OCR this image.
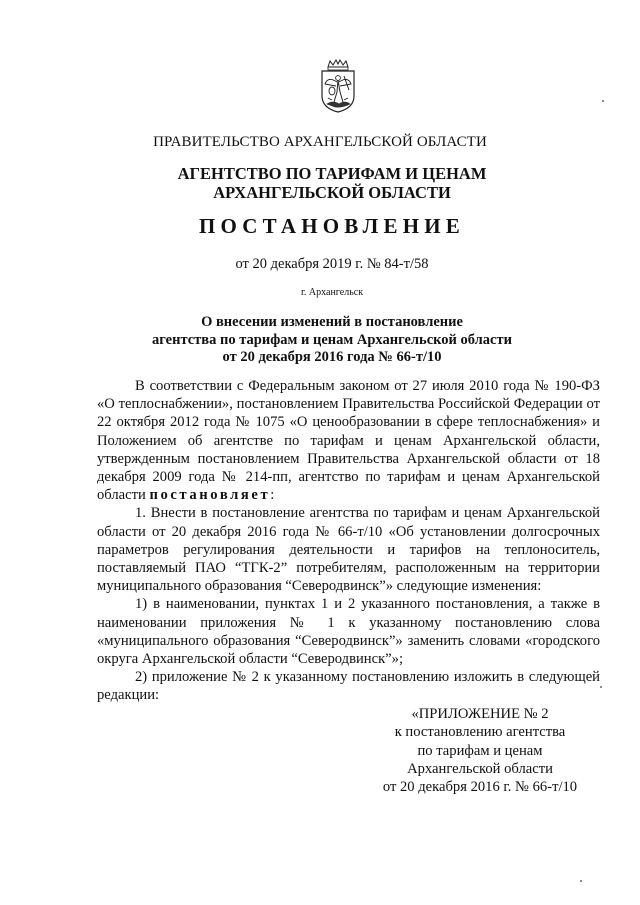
ПРАВИТЕЛЬСТВО АРХАНГЕЛЬСКОЙ ОБЛАСТИ
АГЕНТСТВО ПО ТАРИФАМ И ЦЕНАМ
АРХАНГЕЛЬСКОЙ ОБЛАСТИ
ПОСТАНОВЛЕНИЕ
от 20 декабря 2019 г. № 84-т/58
г. Архангельск
О внесении изменений в постановление
агентства по тарифам и ценам Архангельской области
от 20 декабря 2016 года № 66-т/10

В соответствии с Федеральным законом от 27 июля 2010 года № 190-ФЗ «О теплоснабжении», постановлением Правительства Российской Федерации от 22 октября 2012 года № 1075 «О ценообразовании в сфере теплоснабжения» и Положением об агентстве по тарифам и ценам Архангельской области, утвержденным постановлением Правительства Архангельской области от 18 декабря 2009 года № 214-пп, агентство по тарифам и ценам Архангельской области постановляет:

1. Внести в постановление агентства по тарифам и ценам Архангельской области от 20 декабря 2016 года № 66-т/10 «Об установлении долгосрочных параметров регулирования деятельности и тарифов на теплоноситель, поставляемый ПАО “ТГК-2” потребителям, расположенным на территории муниципального образования “Северодвинск”» следующие изменения:

1) в наименовании, пунктах 1 и 2 указанного постановления, а также в наименовании приложения № 1 к указанному постановлению слова «муниципального образования “Северодвинск”» заменить словами «городского округа Архангельской области “Северодвинск”»;

2) приложение № 2 к указанному постановлению изложить в следующей редакции:

«ПРИЛОЖЕНИЕ № 2
к постановлению агентства
по тарифам и ценам
Архангельской области
от 20 декабря 2016 г. № 66-т/10
